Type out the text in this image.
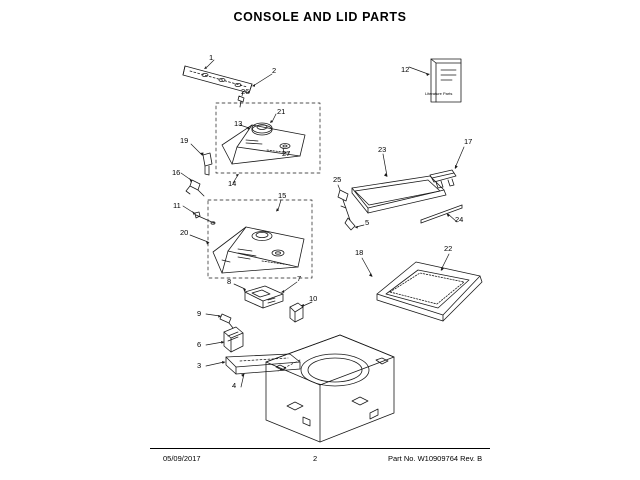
CONSOLE AND LID PARTS
Literature Parts
1
2	12
26
21
13
19
27
17
23
16
14
15
25
24
11
5
20
18	22
8	7
10
9
6
3
4
05/09/2017	2	Part No. W10909764 Rev. B
